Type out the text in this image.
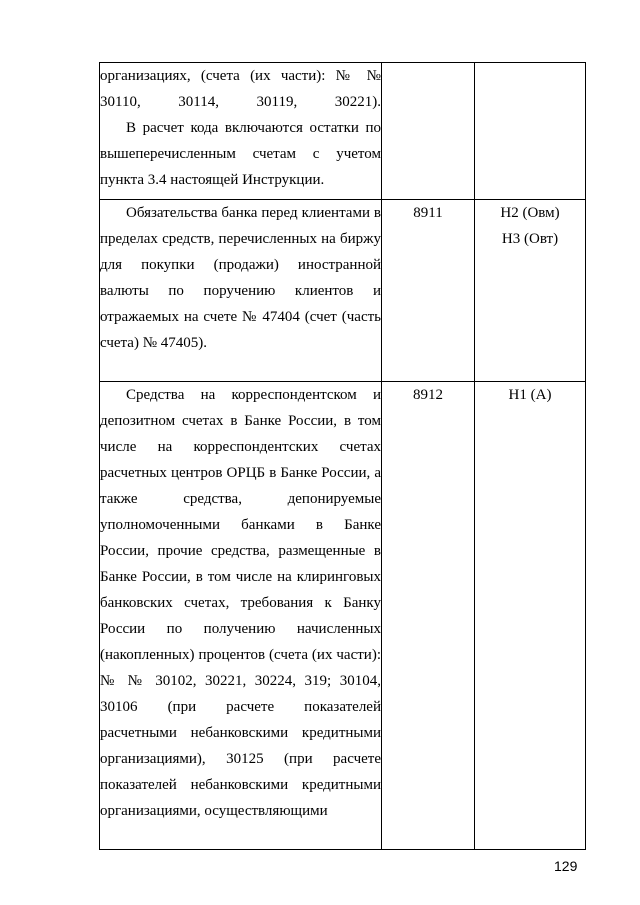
организациях, (счета (их части): № № 30110, 30114, 30119, 30221).

В расчет кода включаются остатки по вышеперечисленным счетам с учетом пункта 3.4 настоящей Инструкции.		

Обязательства банка перед клиентами в пределах средств, перечисленных на биржу для покупки (продажи) иностранной валюты по поручению клиентов и отражаемых на счете № 47404 (счет (часть счета) № 47405).	8911	Н2 (Овм)
Н3 (Овт)

Средства на корреспондентском и депозитном счетах в Банке России, в том числе на корреспондентских счетах расчетных центров ОРЦБ в Банке России, а также средства, депонируемые уполномоченными банками в Банке России, прочие средства, размещенные в Банке России, в том числе на клиринговых банковских счетах, требования к Банку России по получению начисленных (накопленных) процентов (счета (их части): № № 30102, 30221, 30224, 319; 30104, 30106 (при расчете показателей расчетными небанковскими кредитными организациями), 30125 (при расчете показателей небанковскими кредитными организациями, осуществляющими	8912	Н1 (А)
129
